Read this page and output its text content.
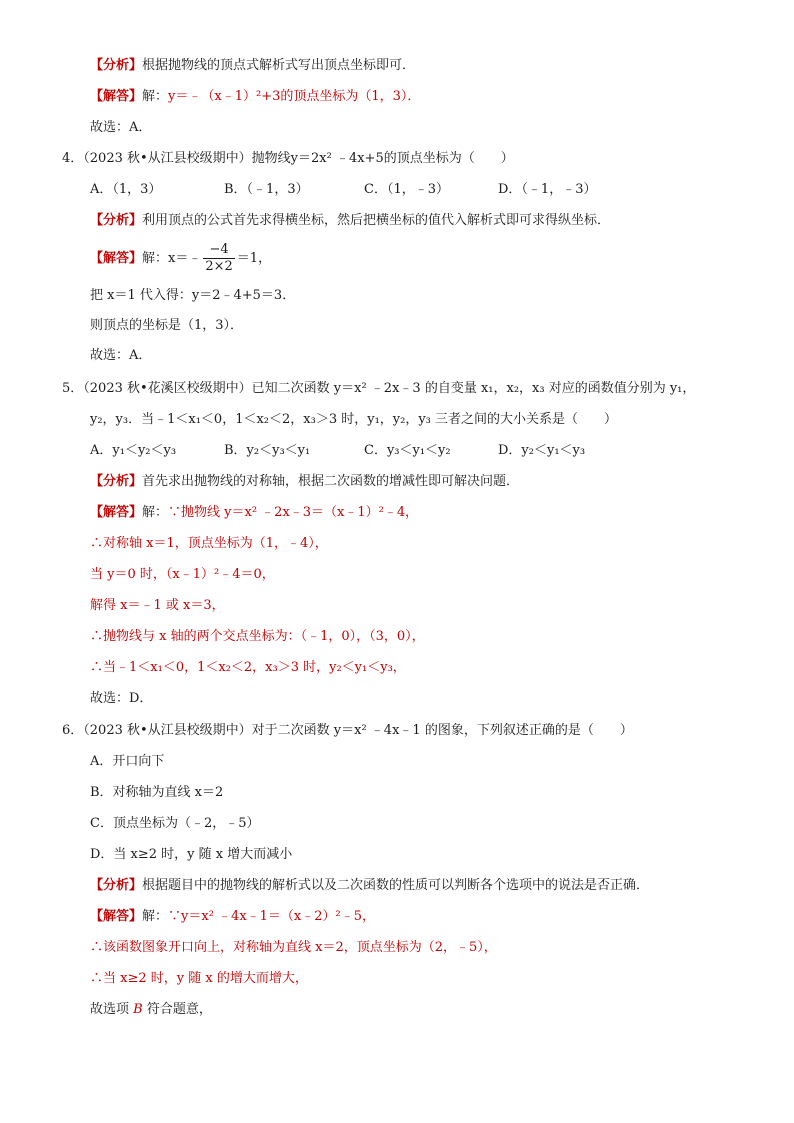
【分析】根据抛物线的顶点式解析式写出顶点坐标即可．
【解答】解：y＝﹣（x﹣1）²+3的顶点坐标为（1，3）．
故选：A．
4．（2023 秋•从江县校级期中）抛物线y＝2x² ﹣4x+5的顶点坐标为（　　）
A．（1，3）	B．（﹣1，3）	C．（1，﹣3）	D．（﹣1，﹣3）
【分析】利用顶点的公式首先求得横坐标，然后把横坐标的值代入解析式即可求得纵坐标．
【解答】解：x＝﹣ $\frac{-4}{2\times 2} =1$，
把 x＝1 代入得：y＝2﹣4+5＝3．
则顶点的坐标是（1，3）．
故选：A．
5．（2023 秋•花溪区校级期中）已知二次函数 y＝x² ﹣2x﹣3 的自变量 x₁，x₂，x₃ 对应的函数值分别为 y₁，
y₂，y₃．当﹣1＜x₁＜0，1＜x₂＜2，x₃＞3 时，y₁，y₂，y₃ 三者之间的大小关系是（　　）
A．y₁＜y₂＜y₃	B．y₂＜y₃＜y₁	C．y₃＜y₁＜y₂	D．y₂＜y₁＜y₃
【分析】首先求出抛物线的对称轴，根据二次函数的增减性即可解决问题．
【解答】解：∵抛物线 y＝x² ﹣2x﹣3＝（x﹣1）²﹣4，
∴对称轴 x＝1，顶点坐标为（1，﹣4），
当 y＝0 时，（x﹣1）²﹣4＝0，
解得 x＝﹣1 或 x＝3，
∴抛物线与 x 轴的两个交点坐标为：（﹣1，0），（3，0），
∴当﹣1＜x₁＜0，1＜x₂＜2，x₃＞3 时，y₂＜y₁＜y₃，
故选：D．
6．（2023 秋•从江县校级期中）对于二次函数 y＝x² ﹣4x﹣1 的图象，下列叙述正确的是（　　）
A．开口向下
B．对称轴为直线 x＝2
C．顶点坐标为（﹣2，﹣5）
D．当 x≥2 时，y 随 x 增大而减小
【分析】根据题目中的抛物线的解析式以及二次函数的性质可以判断各个选项中的说法是否正确．
【解答】解：∵y＝x² ﹣4x﹣1＝（x﹣2）²﹣5，
∴该函数图象开口向上，对称轴为直线 x＝2，顶点坐标为（2，﹣5），
∴当 x≥2 时，y 随 x 的增大而增大，
故选项 B 符合题意，
